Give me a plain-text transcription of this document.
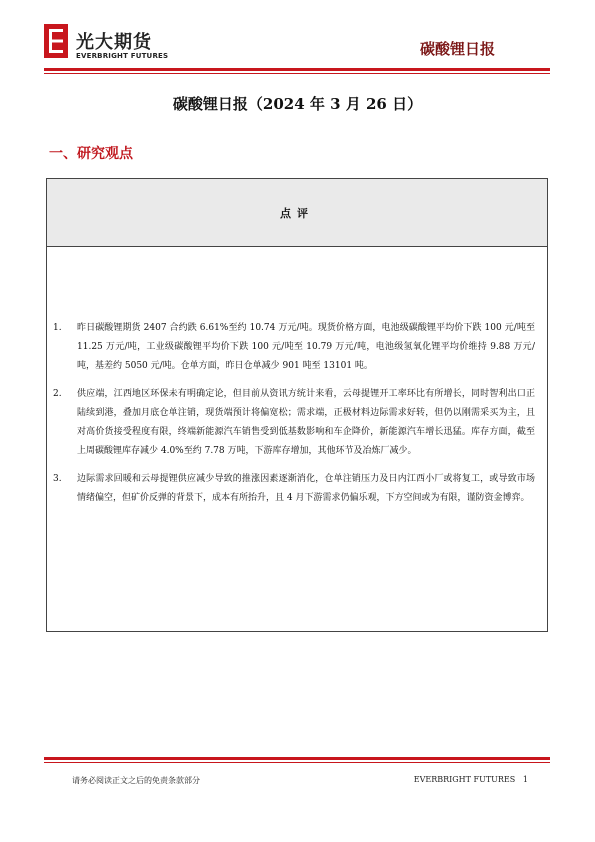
光大期货
EVERBRIGHT FUTURES	碳酸锂日报
碳酸锂日报（2024 年 3 月 26 日）
一、研究观点
点评
1. 昨日碳酸锂期货 2407 合约跌 6.61%至约 10.74 万元/吨。现货价格方面，电池级碳酸锂平均价下跌 100 元/吨至 11.25 万元/吨，工业级碳酸锂平均价下跌 100 元/吨至 10.79 万元/吨，电池级氢氧化锂平均价维持 9.88 万元/吨，基差约 5050 元/吨。仓单方面，昨日仓单减少 901 吨至 13101 吨。
2. 供应端，江西地区环保未有明确定论，但目前从资讯方统计来看，云母提锂开工率环比有所增长，同时智利出口正陆续到港，叠加月底仓单注销，现货端预计将偏宽松；需求端，正极材料边际需求好转，但仍以刚需采买为主，且对高价货接受程度有限，终端新能源汽车销售受到低基数影响和车企降价，新能源汽车增长迅猛。库存方面，截至上周碳酸锂库存减少 4.0%至约 7.78 万吨，下游库存增加，其他环节及冶炼厂减少。
3. 边际需求回暖和云母提锂供应减少导致的推涨因素逐渐消化，仓单注销压力及日内江西小厂或将复工，或导致市场情绪偏空，但矿价反弹的背景下，成本有所抬升，且 4 月下游需求仍偏乐观，下方空间或为有限，谨防资金博弈。
请务必阅读正文之后的免责条款部分	EVERBRIGHT FUTURES 1
